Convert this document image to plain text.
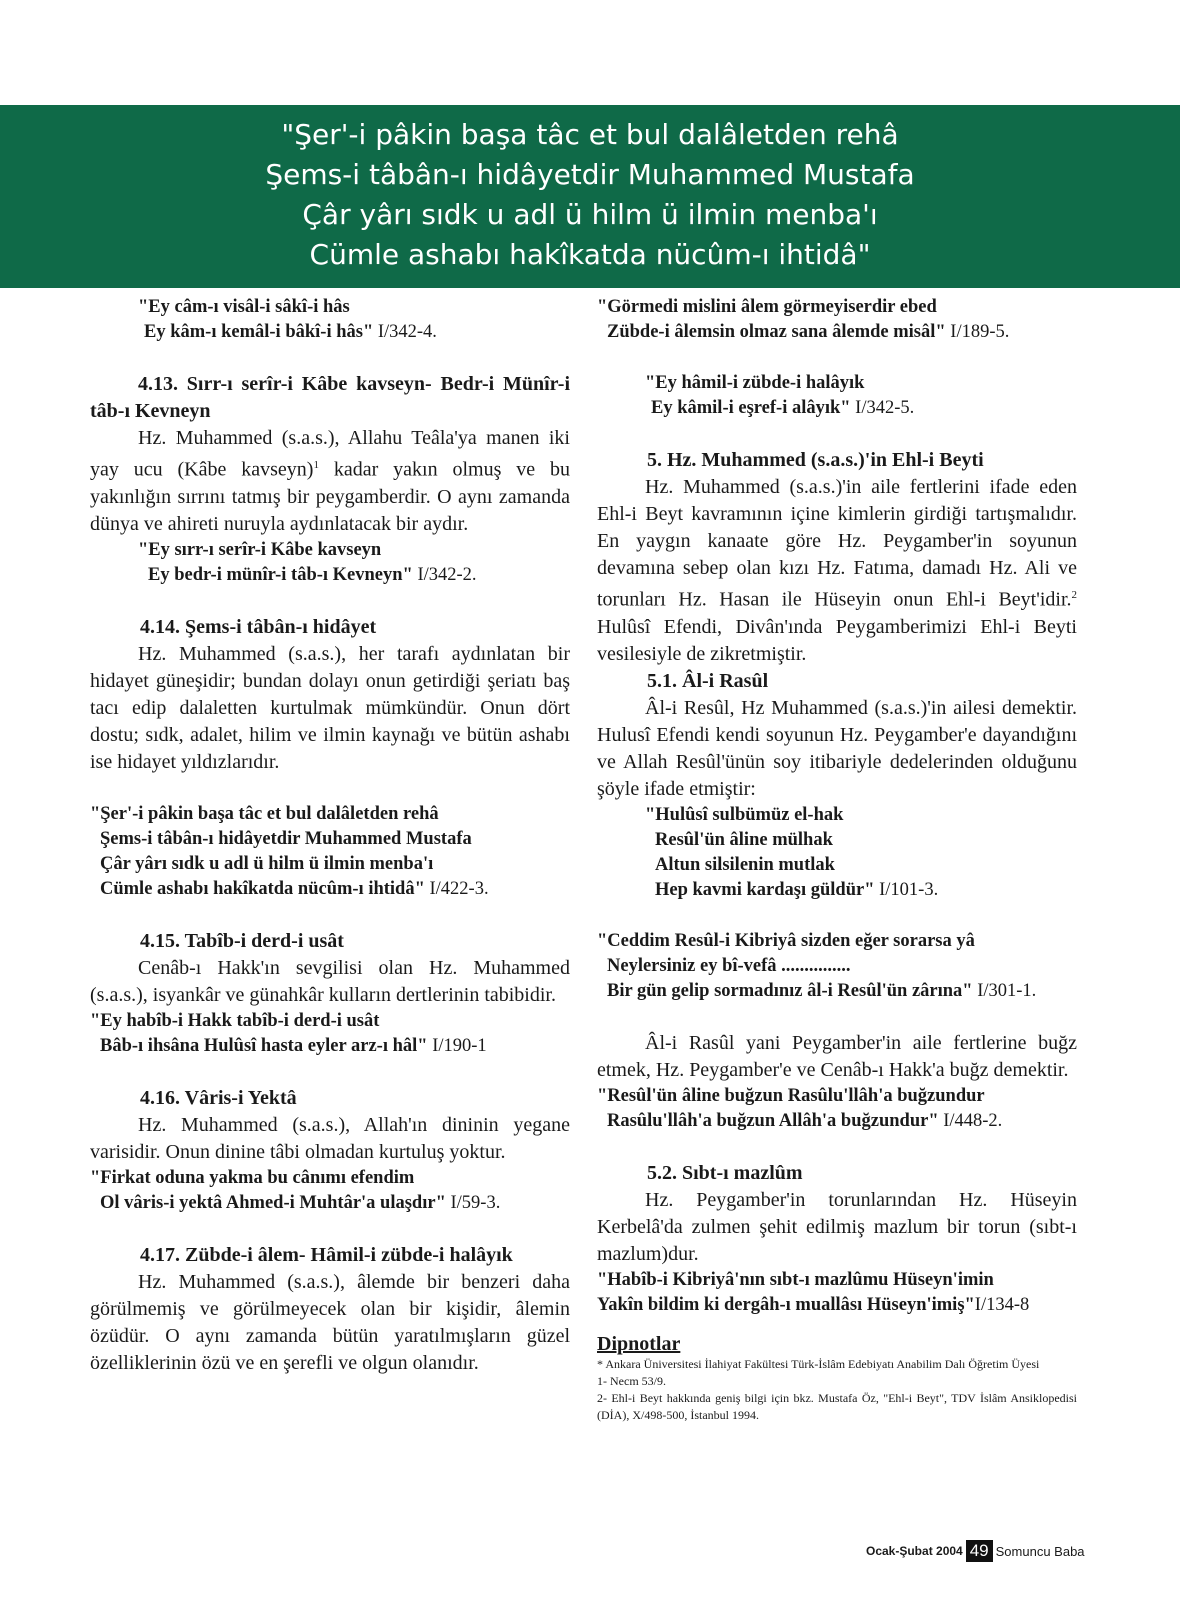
"Şer'-i pâkin başa tâc et bul dalâletden rehâ
Şems-i tâbân-ı hidâyetdir Muhammed Mustafa
Çâr yârı sıdk u adl ü hilm ü ilmin menba'ı
Cümle ashabı hakîkatda nücûm-ı ihtidâ"
"Ey câm-ı visâl-i sâkî-i hâs
Ey kâm-ı kemâl-i bâkî-i hâs" I/342-4.
4.13. Sırr-ı serîr-i Kâbe kavseyn- Bedr-i Münîr-i tâb-ı Kevneyn

Hz. Muhammed (s.a.s.), Allahu Teâla'ya manen iki yay ucu (Kâbe kavseyn)$^1$ kadar yakın olmuş ve bu yakınlığın sırrını tatmış bir peygamberdir. O aynı zamanda dünya ve ahireti nuruyla aydınlatacak bir aydır.

"Ey sırr-ı serîr-i Kâbe kavseyn
Ey bedr-i münîr-i tâb-ı Kevneyn" I/342-2.
4.14. Şems-i tâbân-ı hidâyet

Hz. Muhammed (s.a.s.), her tarafı aydınlatan bir hidayet güneşidir; bundan dolayı onun getirdiği şeriatı baş tacı edip dalaletten kurtulmak mümkündür. Onun dört dostu; sıdk, adalet, hilim ve ilmin kaynağı ve bütün ashabı ise hidayet yıldızlarıdır.

"Şer'-i pâkin başa tâc et bul dalâletden rehâ
Şems-i tâbân-ı hidâyetdir Muhammed Mustafa
Çâr yârı sıdk u adl ü hilm ü ilmin menba'ı
Cümle ashabı hakîkatda nücûm-ı ihtidâ" I/422-3.
4.15. Tabîb-i derd-i usât

Cenâb-ı Hakk'ın sevgilisi olan Hz. Muhammed (s.a.s.), isyankâr ve günahkâr kulların dertlerinin tabibidir.

"Ey habîb-i Hakk tabîb-i derd-i usât
Bâb-ı ihsâna Hulûsî hasta eyler arz-ı hâl" I/190-1
4.16. Vâris-i Yektâ

Hz. Muhammed (s.a.s.), Allah'ın dininin yegane varisidir. Onun dinine tâbi olmadan kurtuluş yoktur.

"Firkat oduna yakma bu cânımı efendim
Ol vâris-i yektâ Ahmed-i Muhtâr'a ulaşdır" I/59-3.
4.17. Zübde-i âlem- Hâmil-i zübde-i halâyık

Hz. Muhammed (s.a.s.), âlemde bir benzeri daha görülmemiş ve görülmeyecek olan bir kişidir, âlemin özüdür. O aynı zamanda bütün yaratılmışların güzel özelliklerinin özü ve en şerefli ve olgun olanıdır.

"Görmedi mislini âlem görmeyiserdir ebed
Zübde-i âlemsin olmaz sana âlemde misâl" I/189-5.
"Ey hâmil-i zübde-i halâyık
Ey kâmil-i eşref-i alâyık" I/342-5.
5. Hz. Muhammed (s.a.s.)'in Ehl-i Beyti

Hz. Muhammed (s.a.s.)'in aile fertlerini ifade eden Ehl-i Beyt kavramının içine kimlerin girdiği tartışmalıdır. En yaygın kanaate göre Hz. Peygamber'in soyunun devamına sebep olan kızı Hz. Fatıma, damadı Hz. Ali ve torunları Hz. Hasan ile Hüseyin onun Ehl-i Beyt'idir.$^2$ Hulûsî Efendi, Divân'ında Peygamberimizi Ehl-i Beyti vesilesiyle de zikretmiştir.

5.1. Âl-i Rasûl

Âl-i Resûl, Hz Muhammed (s.a.s.)'in ailesi demektir. Hulusî Efendi kendi soyunun Hz. Peygamber'e dayandığını ve Allah Resûl'ünün soy itibariyle dedelerinden olduğunu şöyle ifade etmiştir:

"Hulûsî sulbümüz el-hak
Resûl'ün âline mülhak
Altun silsilenin mutlak
Hep kavmi kardaşı güldür" I/101-3.
"Ceddim Resûl-i Kibriyâ sizden eğer sorarsa yâ
Neylersiniz ey bî-vefâ ...............
Bir gün gelip sormadınız âl-i Resûl'ün zârına" I/301-1.

Âl-i Rasûl yani Peygamber'in aile fertlerine buğz etmek, Hz. Peygamber'e ve Cenâb-ı Hakk'a buğz demektir.

"Resûl'ün âline buğzun Rasûlu'llâh'a buğzundur
Rasûlu'llâh'a buğzun Allâh'a buğzundur" I/448-2.
5.2. Sıbt-ı mazlûm

Hz. Peygamber'in torunlarından Hz. Hüseyin Kerbelâ'da zulmen şehit edilmiş mazlum bir torun (sıbt-ı mazlum)dur.

"Habîb-i Kibriyâ'nın sıbt-ı mazlûmu Hüseyn'imin
Yakîn bildim ki dergâh-ı muallâsı Hüseyn'imiş"I/134-8
Dipnotlar
* Ankara Üniversitesi İlahiyat Fakültesi Türk-İslâm Edebiyatı Anabilim Dalı Öğretim Üyesi
1- Necm 53/9.
2- Ehl-i Beyt hakkında geniş bilgi için bkz. Mustafa Öz, "Ehl-i Beyt", TDV İslâm Ansiklopedisi (DİA), X/498-500, İstanbul 1994.
Ocak-Şubat 2004 49 Somuncu Baba
